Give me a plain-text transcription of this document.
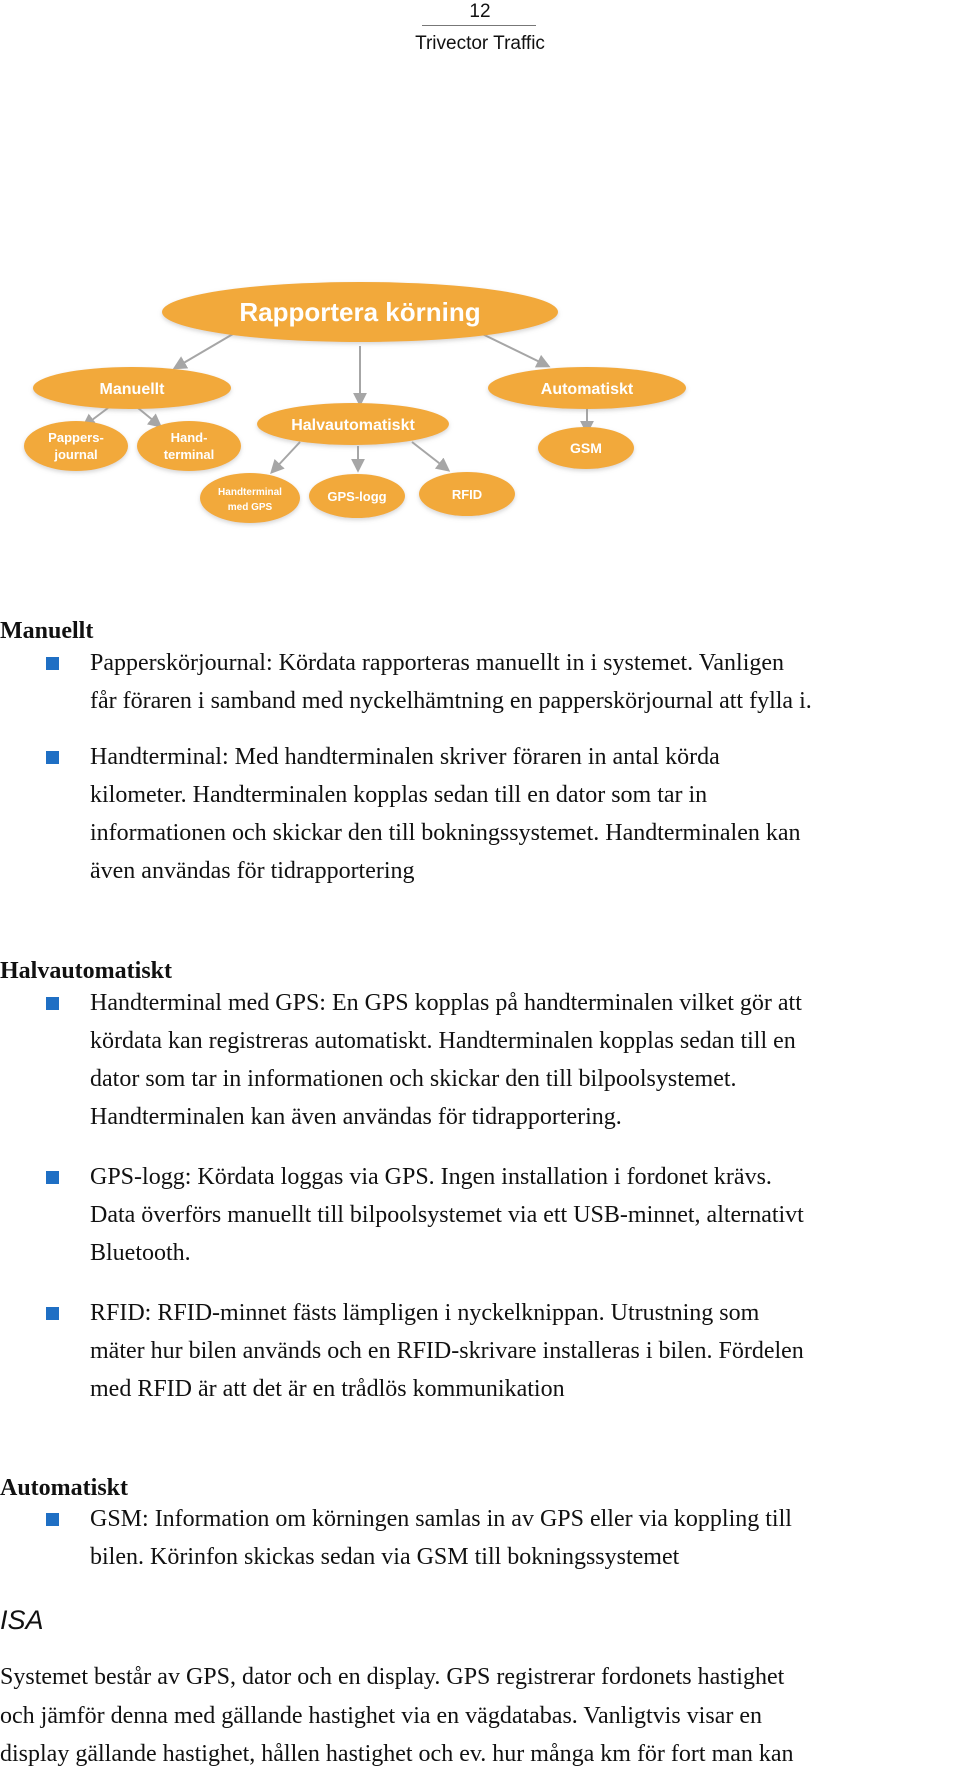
12
Trivector Traffic
Rapportera körning
Manuellt	Automatiskt
Halvautomatiskt
Pappers-
journal
Hand-
terminal	GSM
Handterminal
med GPS
GPS-logg	RFID
Manuellt

Papperskörjournal: Kördata rapporteras manuellt in i systemet. Vanligen
får föraren i samband med nyckelhämtning en papperskörjournal att fylla i.

Handterminal: Med handterminalen skriver föraren in antal körda
kilometer. Handterminalen kopplas sedan till en dator som tar in
informationen och skickar den till bokningssystemet. Handterminalen kan
även användas för tidrapportering

Halvautomatiskt

Handterminal med GPS: En GPS kopplas på handterminalen vilket gör att
kördata kan registreras automatiskt. Handterminalen kopplas sedan till en
dator som tar in informationen och skickar den till bilpoolsystemet.
Handterminalen kan även användas för tidrapportering.

GPS-logg: Kördata loggas via GPS. Ingen installation i fordonet krävs.
Data överförs manuellt till bilpoolsystemet via ett USB-minnet, alternativt
Bluetooth.

RFID: RFID-minnet fästs lämpligen i nyckelknippan. Utrustning som
mäter hur bilen används och en RFID-skrivare installeras i bilen. Fördelen
med RFID är att det är en trådlös kommunikation

Automatiskt

GSM: Information om körningen samlas in av GPS eller via koppling till
bilen. Körinfon skickas sedan via GSM till bokningssystemet

ISA

Systemet består av GPS, dator och en display. GPS registrerar fordonets hastighet
och jämför denna med gällande hastighet via en vägdatabas. Vanligtvis visar en
display gällande hastighet, hållen hastighet och ev. hur många km för fort man kan
